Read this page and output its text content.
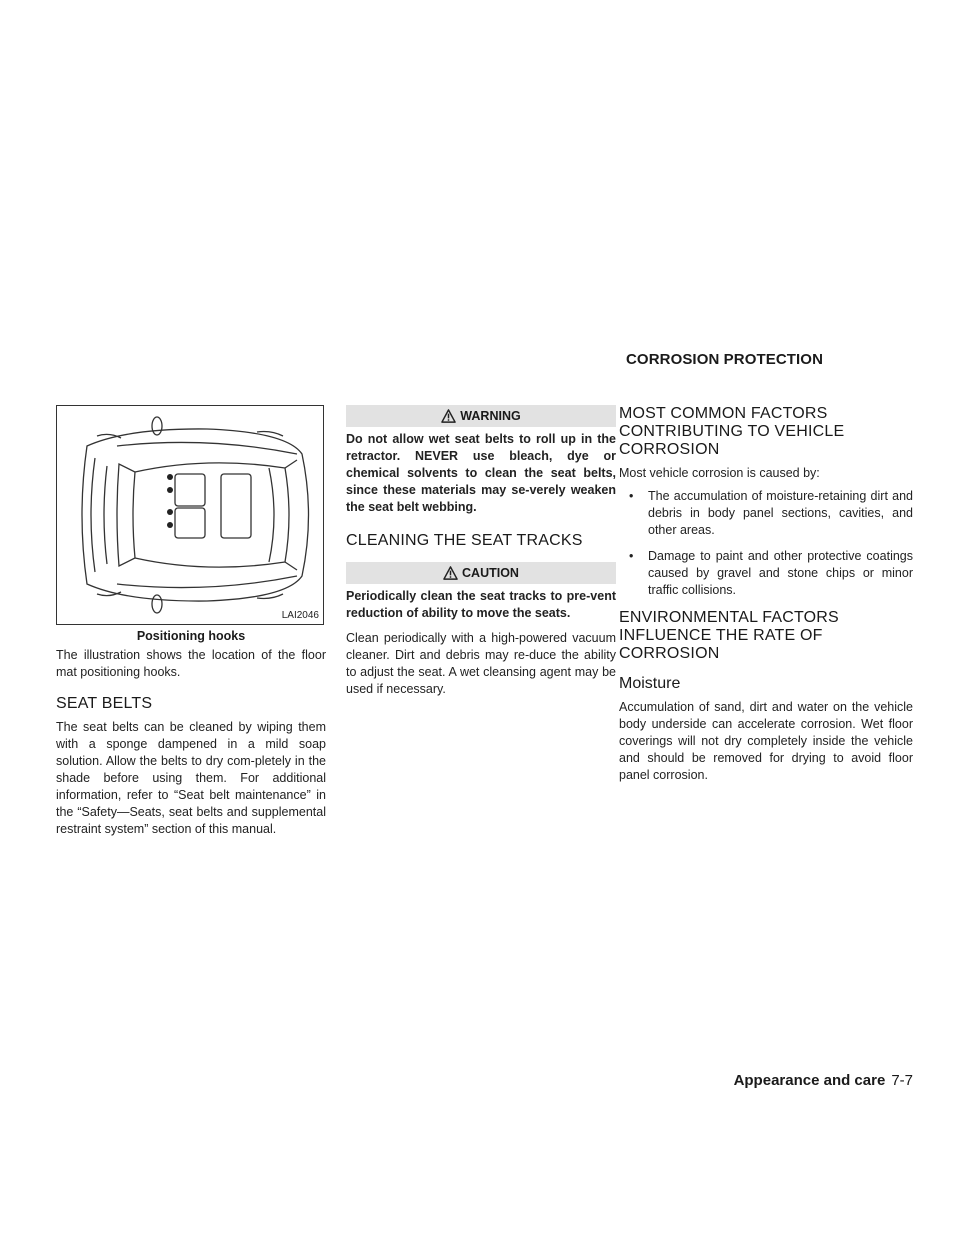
CORROSION PROTECTION
LAI2046
Positioning hooks

The illustration shows the location of the floor mat positioning hooks.

SEAT BELTS

The seat belts can be cleaned by wiping them with a sponge dampened in a mild soap solution. Allow the belts to dry com-pletely in the shade before using them. For additional information, refer to “Seat belt maintenance” in the “Safety—Seats, seat belts and supplemental restraint system” section of this manual.

WARNING
Do not allow wet seat belts to roll up in the retractor. NEVER use bleach, dye or chemical solvents to clean the seat belts, since these materials may se-verely weaken the seat belt webbing.
CLEANING THE SEAT TRACKS
CAUTION
Periodically clean the seat tracks to pre-vent reduction of ability to move the seats.

Clean periodically with a high-powered vacuum cleaner. Dirt and debris may re-duce the ability to adjust the seat. A wet cleansing agent may be used if necessary.

MOST COMMON FACTORS CONTRIBUTING TO VEHICLE CORROSION

Most vehicle corrosion is caused by:

• The accumulation of moisture-retaining dirt and debris in body panel sections, cavities, and other areas.
• Damage to paint and other protective coatings caused by gravel and stone chips or minor traffic collisions.
ENVIRONMENTAL FACTORS INFLUENCE THE RATE OF CORROSION
Moisture

Accumulation of sand, dirt and water on the vehicle body underside can accelerate corrosion. Wet floor coverings will not dry completely inside the vehicle and should be removed for drying to avoid floor panel corrosion.

Appearance and care 7-7
